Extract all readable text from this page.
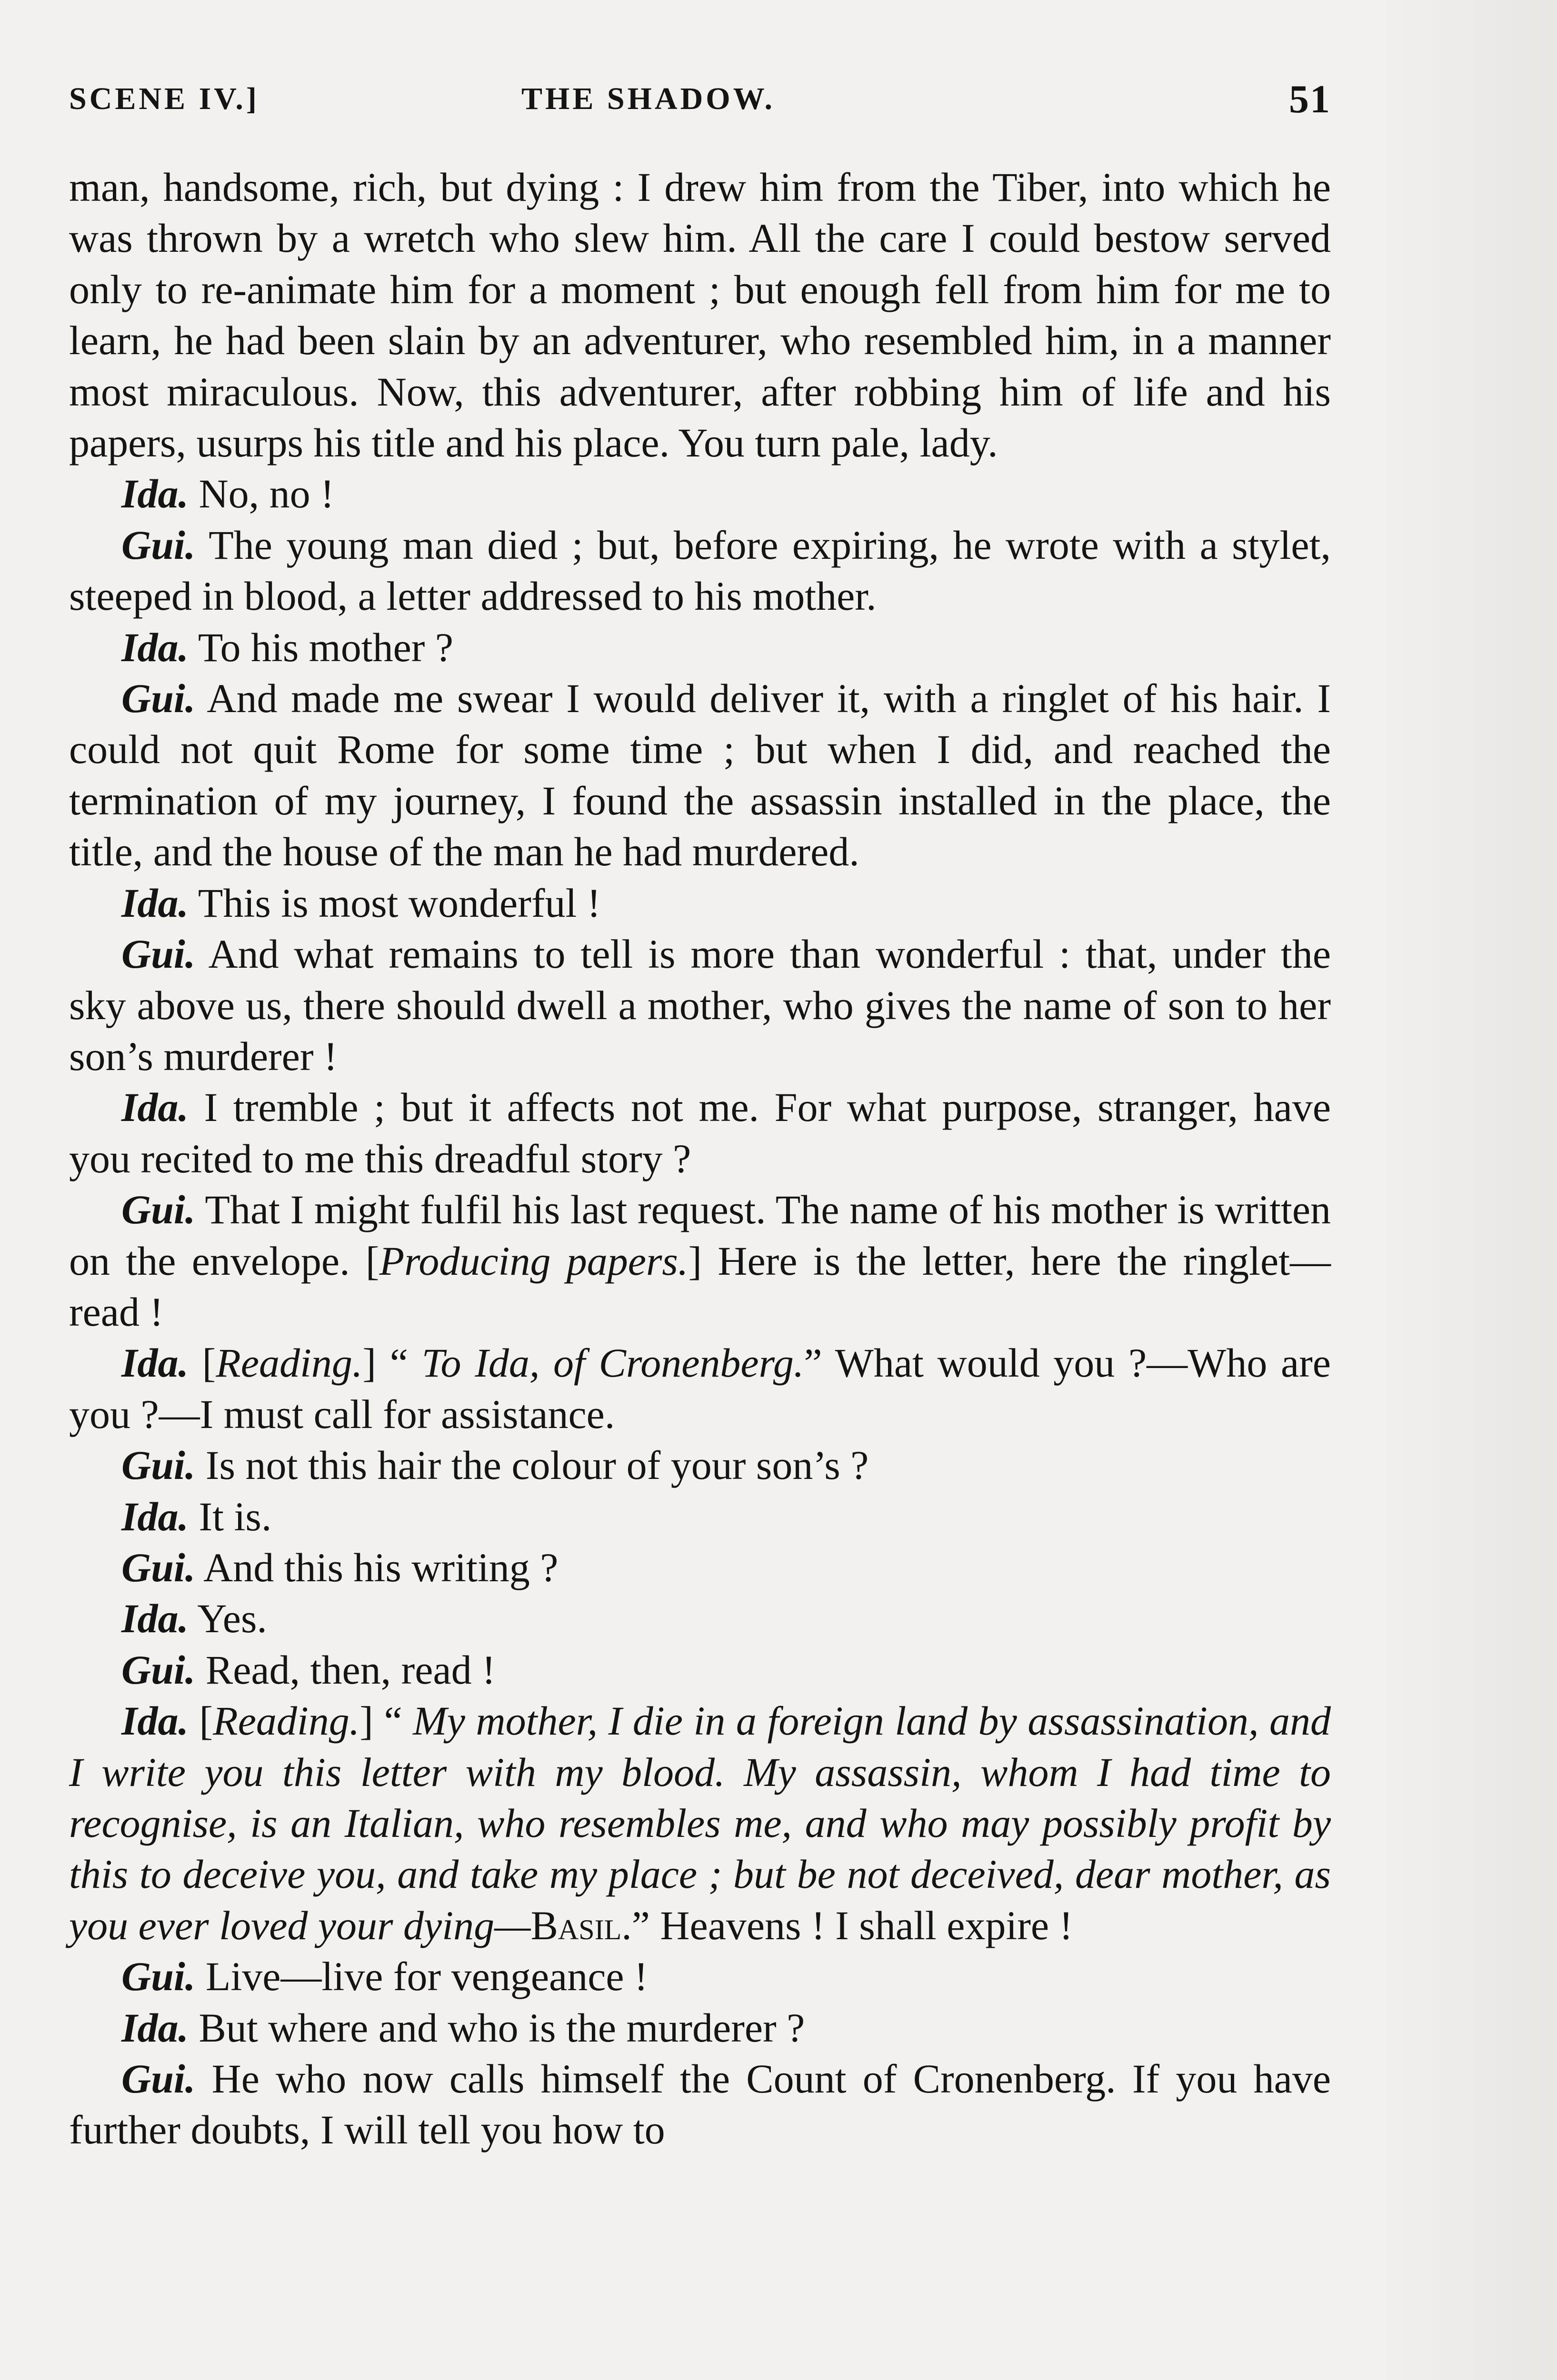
SCENE IV.]	THE SHADOW.	51

man, handsome, rich, but dying : I drew him from the Tiber, into which he was thrown by a wretch who slew him. All the care I could bestow served only to re-animate him for a moment ; but enough fell from him for me to learn, he had been slain by an adventurer, who resembled him, in a manner most miraculous. Now, this adventurer, after robbing him of life and his papers, usurps his title and his place. You turn pale, lady.

Ida. No, no !

Gui. The young man died ; but, before expiring, he wrote with a stylet, steeped in blood, a letter addressed to his mother.

Ida. To his mother ?

Gui. And made me swear I would deliver it, with a ringlet of his hair. I could not quit Rome for some time ; but when I did, and reached the termination of my journey, I found the assassin installed in the place, the title, and the house of the man he had murdered.

Ida. This is most wonderful !

Gui. And what remains to tell is more than wonderful : that, under the sky above us, there should dwell a mother, who gives the name of son to her son’s murderer !

Ida. I tremble ; but it affects not me. For what purpose, stranger, have you recited to me this dreadful story ?

Gui. That I might fulfil his last request. The name of his mother is written on the envelope. [Producing papers.] Here is the letter, here the ringlet—read !

Ida. [Reading.] “ To Ida, of Cronenberg.” What would you ?—Who are you ?—I must call for assistance.

Gui. Is not this hair the colour of your son’s ?

Ida. It is.

Gui. And this his writing ?

Ida. Yes.

Gui. Read, then, read !

Ida. [Reading.] “ My mother, I die in a foreign land by assassination, and I write you this letter with my blood. My assassin, whom I had time to recognise, is an Italian, who resembles me, and who may possibly profit by this to deceive you, and take my place ; but be not deceived, dear mother, as you ever loved your dying—Basil.” Heavens ! I shall expire !

Gui. Live—live for vengeance !

Ida. But where and who is the murderer ?

Gui. He who now calls himself the Count of Cronenberg. If you have further doubts, I will tell you how to
